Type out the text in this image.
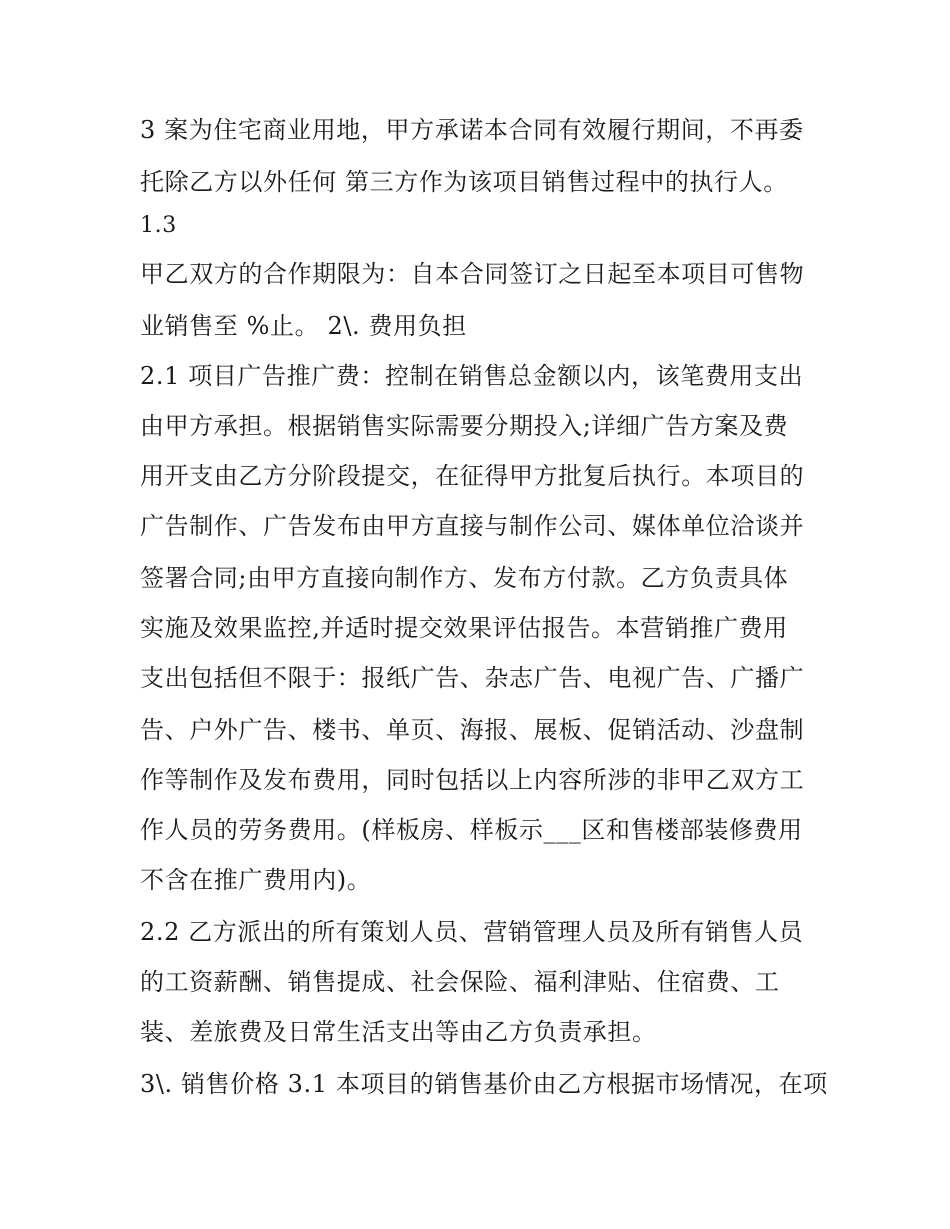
3 案为住宅商业用地，甲方承诺本合同有效履行期间，不再委
托除乙方以外任何 第三方作为该项目销售过程中的执行人。
1.3
甲乙双方的合作期限为：自本合同签订之日起至本项目可售物
业销售至 %止。 2\. 费用负担
2.1 项目广告推广费：控制在销售总金额以内，该笔费用支出
由甲方承担。根据销售实际需要分期投入;详细广告方案及费
用开支由乙方分阶段提交，在征得甲方批复后执行。本项目的
广告制作、广告发布由甲方直接与制作公司、媒体单位洽谈并
签署合同;由甲方直接向制作方、发布方付款。乙方负责具体
实施及效果监控,并适时提交效果评估报告。本营销推广费用
支出包括但不限于：报纸广告、杂志广告、电视广告、广播广
告、户外广告、楼书、单页、海报、展板、促销活动、沙盘制
作等制作及发布费用，同时包括以上内容所涉的非甲乙双方工
作人员的劳务费用。(样板房、样板示___区和售楼部装修费用
不含在推广费用内)。
2.2 乙方派出的所有策划人员、营销管理人员及所有销售人员
的工资薪酬、销售提成、社会保险、福利津贴、住宿费、工
装、差旅费及日常生活支出等由乙方负责承担。
3\. 销售价格 3.1 本项目的销售基价由乙方根据市场情况，在项
